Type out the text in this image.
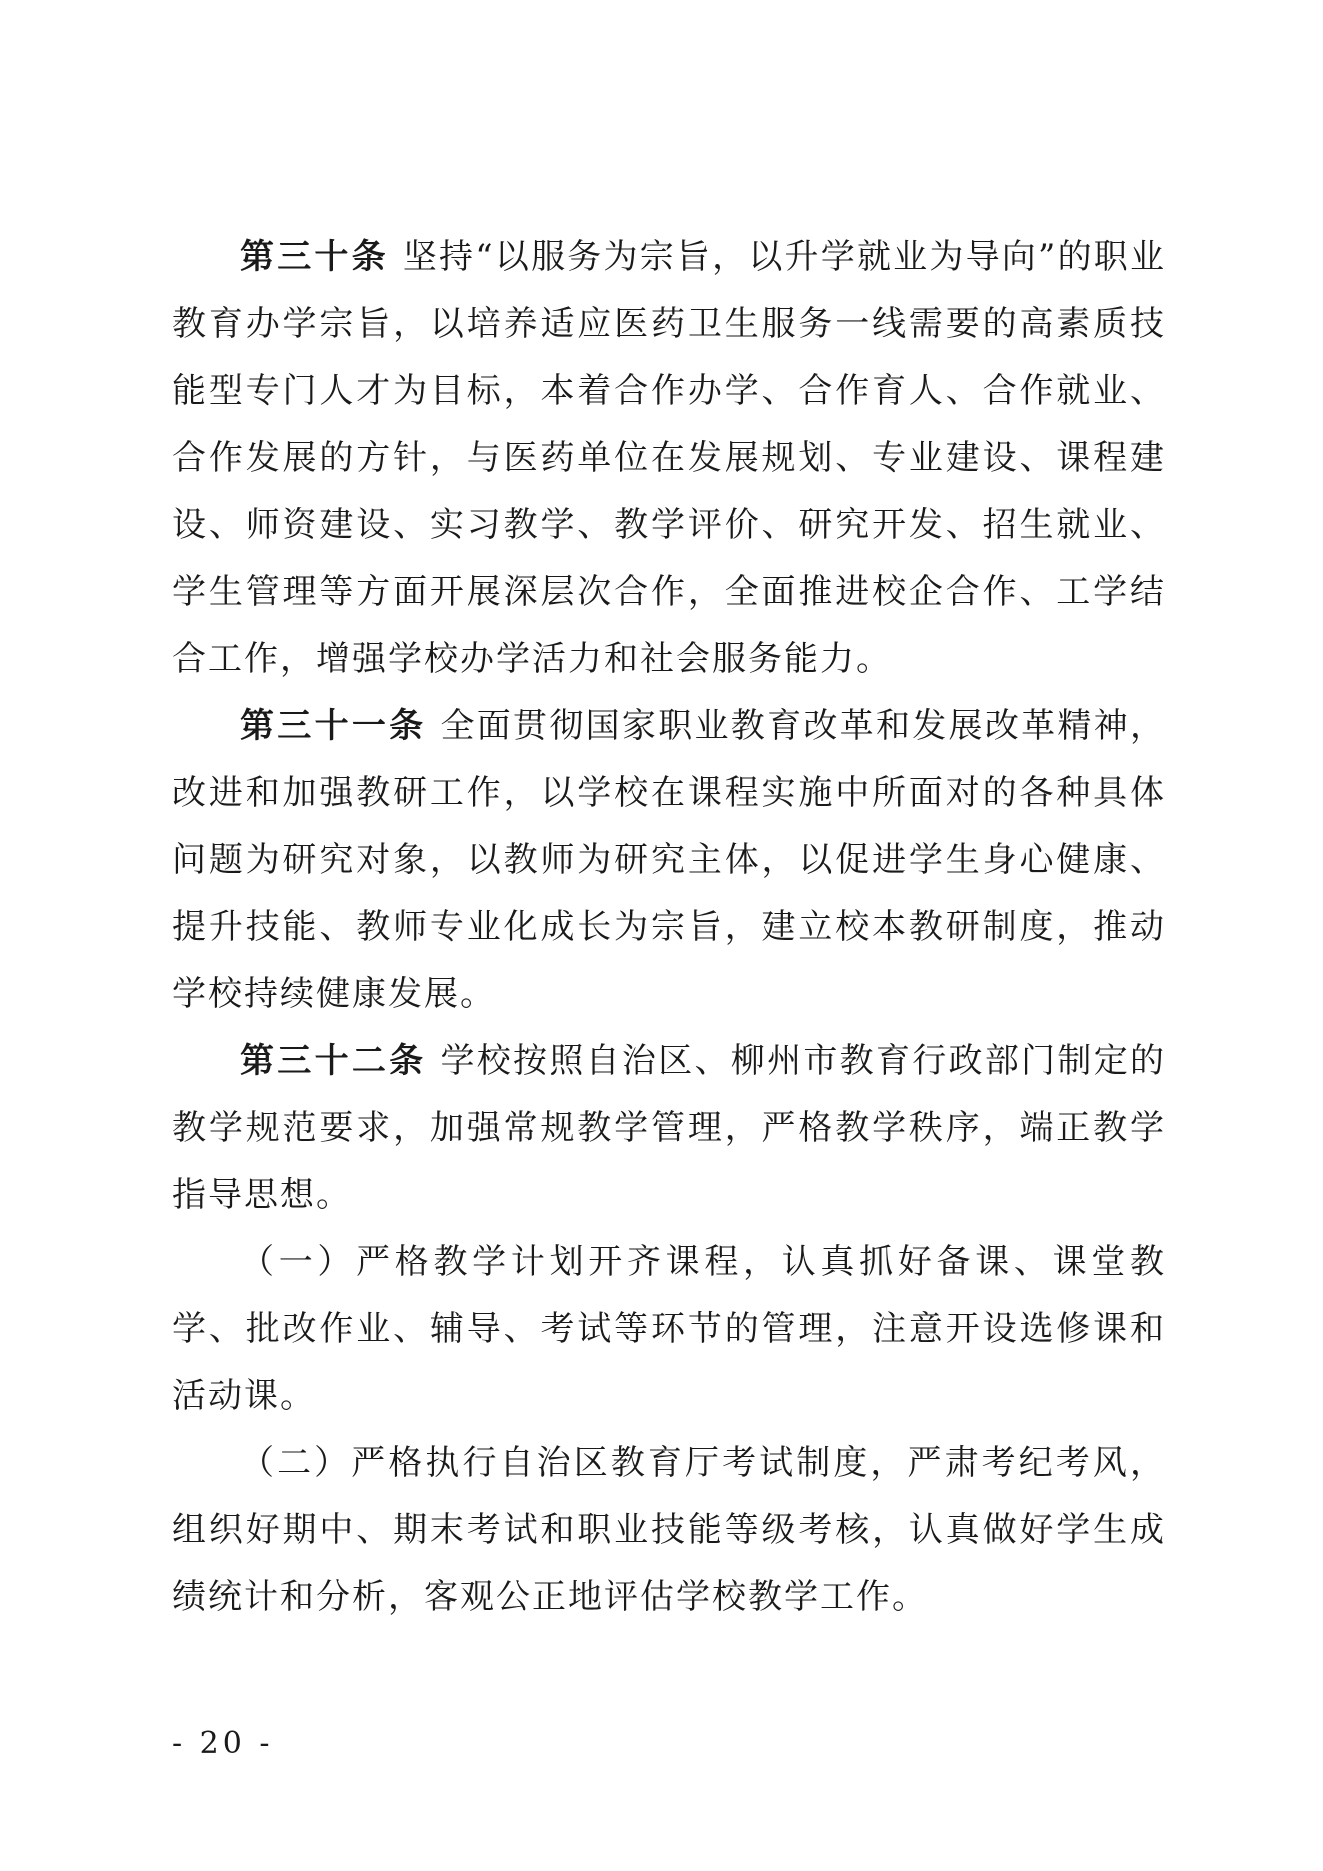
第三十条 坚持“以服务为宗旨，以升学就业为导向”的职业教育办学宗旨，以培养适应医药卫生服务一线需要的高素质技能型专门人才为目标，本着合作办学、合作育人、合作就业、合作发展的方针，与医药单位在发展规划、专业建设、课程建设、师资建设、实习教学、教学评价、研究开发、招生就业、学生管理等方面开展深层次合作，全面推进校企合作、工学结合工作，增强学校办学活力和社会服务能力。

第三十一条 全面贯彻国家职业教育改革和发展改革精神，改进和加强教研工作，以学校在课程实施中所面对的各种具体问题为研究对象，以教师为研究主体，以促进学生身心健康、提升技能、教师专业化成长为宗旨，建立校本教研制度，推动学校持续健康发展。

第三十二条 学校按照自治区、柳州市教育行政部门制定的教学规范要求，加强常规教学管理，严格教学秩序，端正教学指导思想。

（一）严格教学计划开齐课程，认真抓好备课、课堂教学、批改作业、辅导、考试等环节的管理，注意开设选修课和活动课。

（二）严格执行自治区教育厅考试制度，严肃考纪考风，组织好期中、期末考试和职业技能等级考核，认真做好学生成绩统计和分析，客观公正地评估学校教学工作。

- 20 -
